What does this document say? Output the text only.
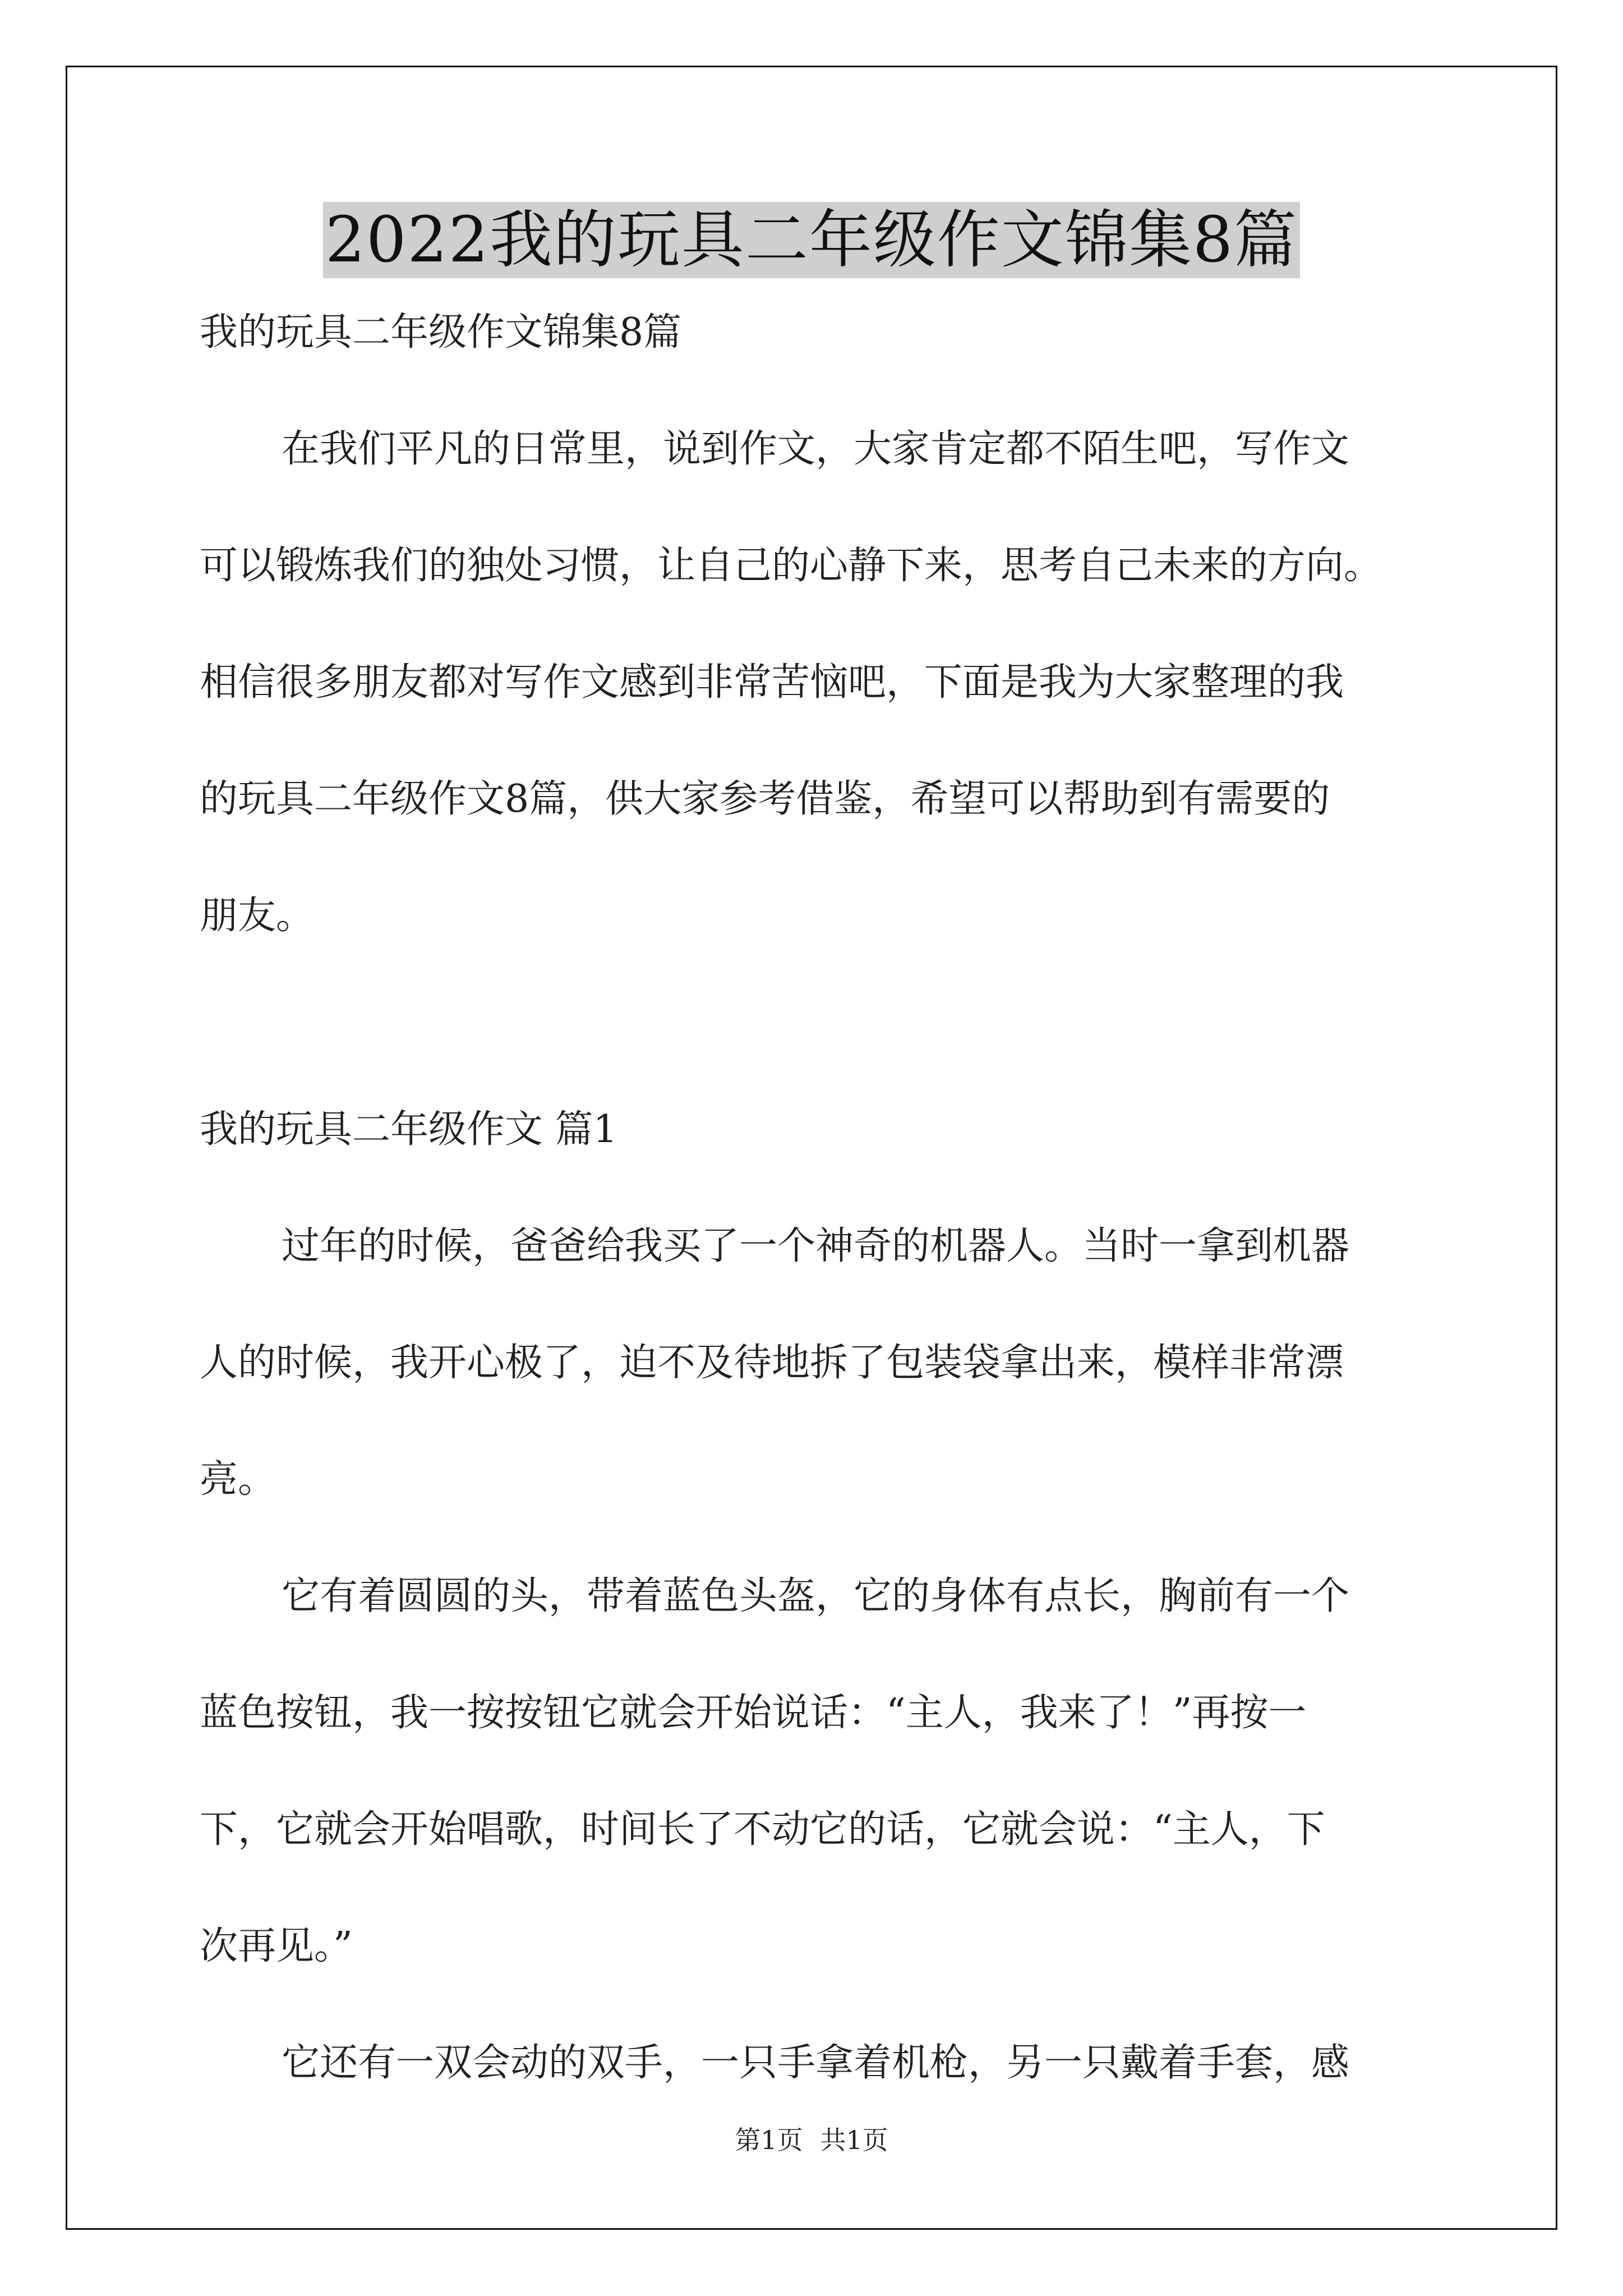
2022我的玩具二年级作文锦集8篇
我的玩具二年级作文锦集8篇
在我们平凡的日常里，说到作文，大家肯定都不陌生吧，写作文
可以锻炼我们的独处习惯，让自己的心静下来，思考自己未来的方向。
相信很多朋友都对写作文感到非常苦恼吧，下面是我为大家整理的我
的玩具二年级作文8篇，供大家参考借鉴，希望可以帮助到有需要的
朋友。
我的玩具二年级作文 篇1
过年的时候，爸爸给我买了一个神奇的机器人。当时一拿到机器
人的时候，我开心极了，迫不及待地拆了包装袋拿出来，模样非常漂
亮。
它有着圆圆的头，带着蓝色头盔，它的身体有点长，胸前有一个
蓝色按钮，我一按按钮它就会开始说话：“主人，我来了！”再按一
下，它就会开始唱歌，时间长了不动它的话，它就会说：“主人，下
次再见。”
它还有一双会动的双手，一只手拿着机枪，另一只戴着手套，感
第1页 共1页
